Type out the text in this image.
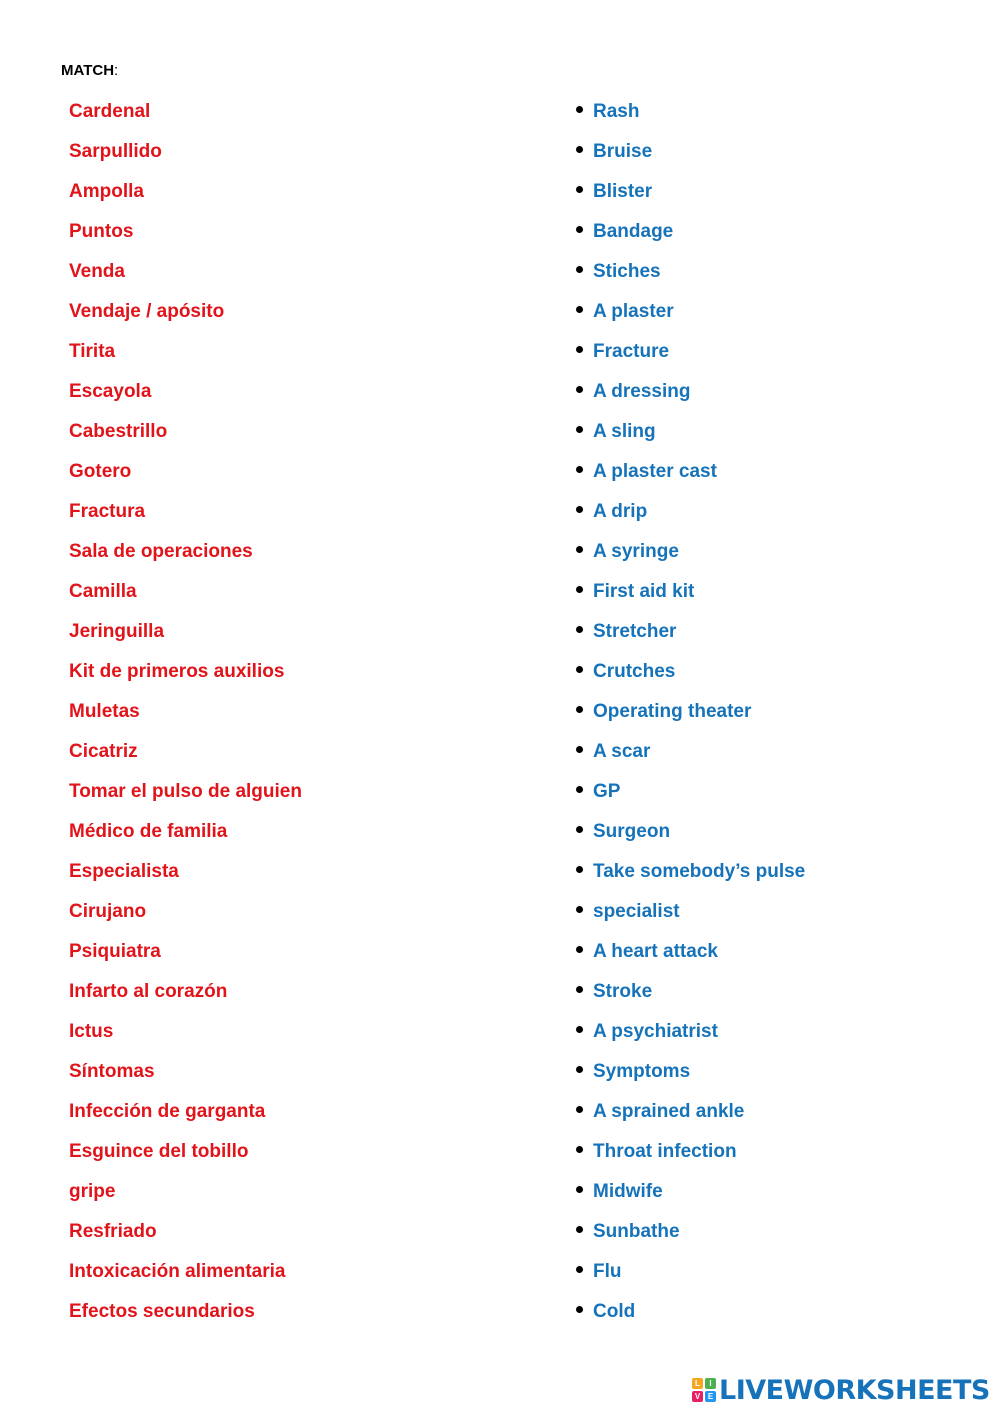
MATCH:
Cardenal
Sarpullido
Ampolla
Puntos
Venda
Vendaje / apósito
Tirita
Escayola
Cabestrillo
Gotero
Fractura
Sala de operaciones
Camilla
Jeringuilla
Kit de primeros auxilios
Muletas
Cicatriz
Tomar el pulso de alguien
Médico de familia
Especialista
Cirujano
Psiquiatra
Infarto al corazón
Ictus
Síntomas
Infección de garganta
Esguince del tobillo
gripe
Resfriado
Intoxicación alimentaria
Efectos secundarios
Rash
Bruise
Blister
Bandage
Stiches
A plaster
Fracture
A dressing
A sling
A plaster cast
A drip
A syringe
First aid kit
Stretcher
Crutches
Operating theater
A scar
GP
Surgeon
Take somebody’s pulse
specialist
A heart attack
Stroke
A psychiatrist
Symptoms
A sprained ankle
Throat infection
Midwife
Sunbathe
Flu
Cold
L	I
V E LIVEWORKSHEETS
